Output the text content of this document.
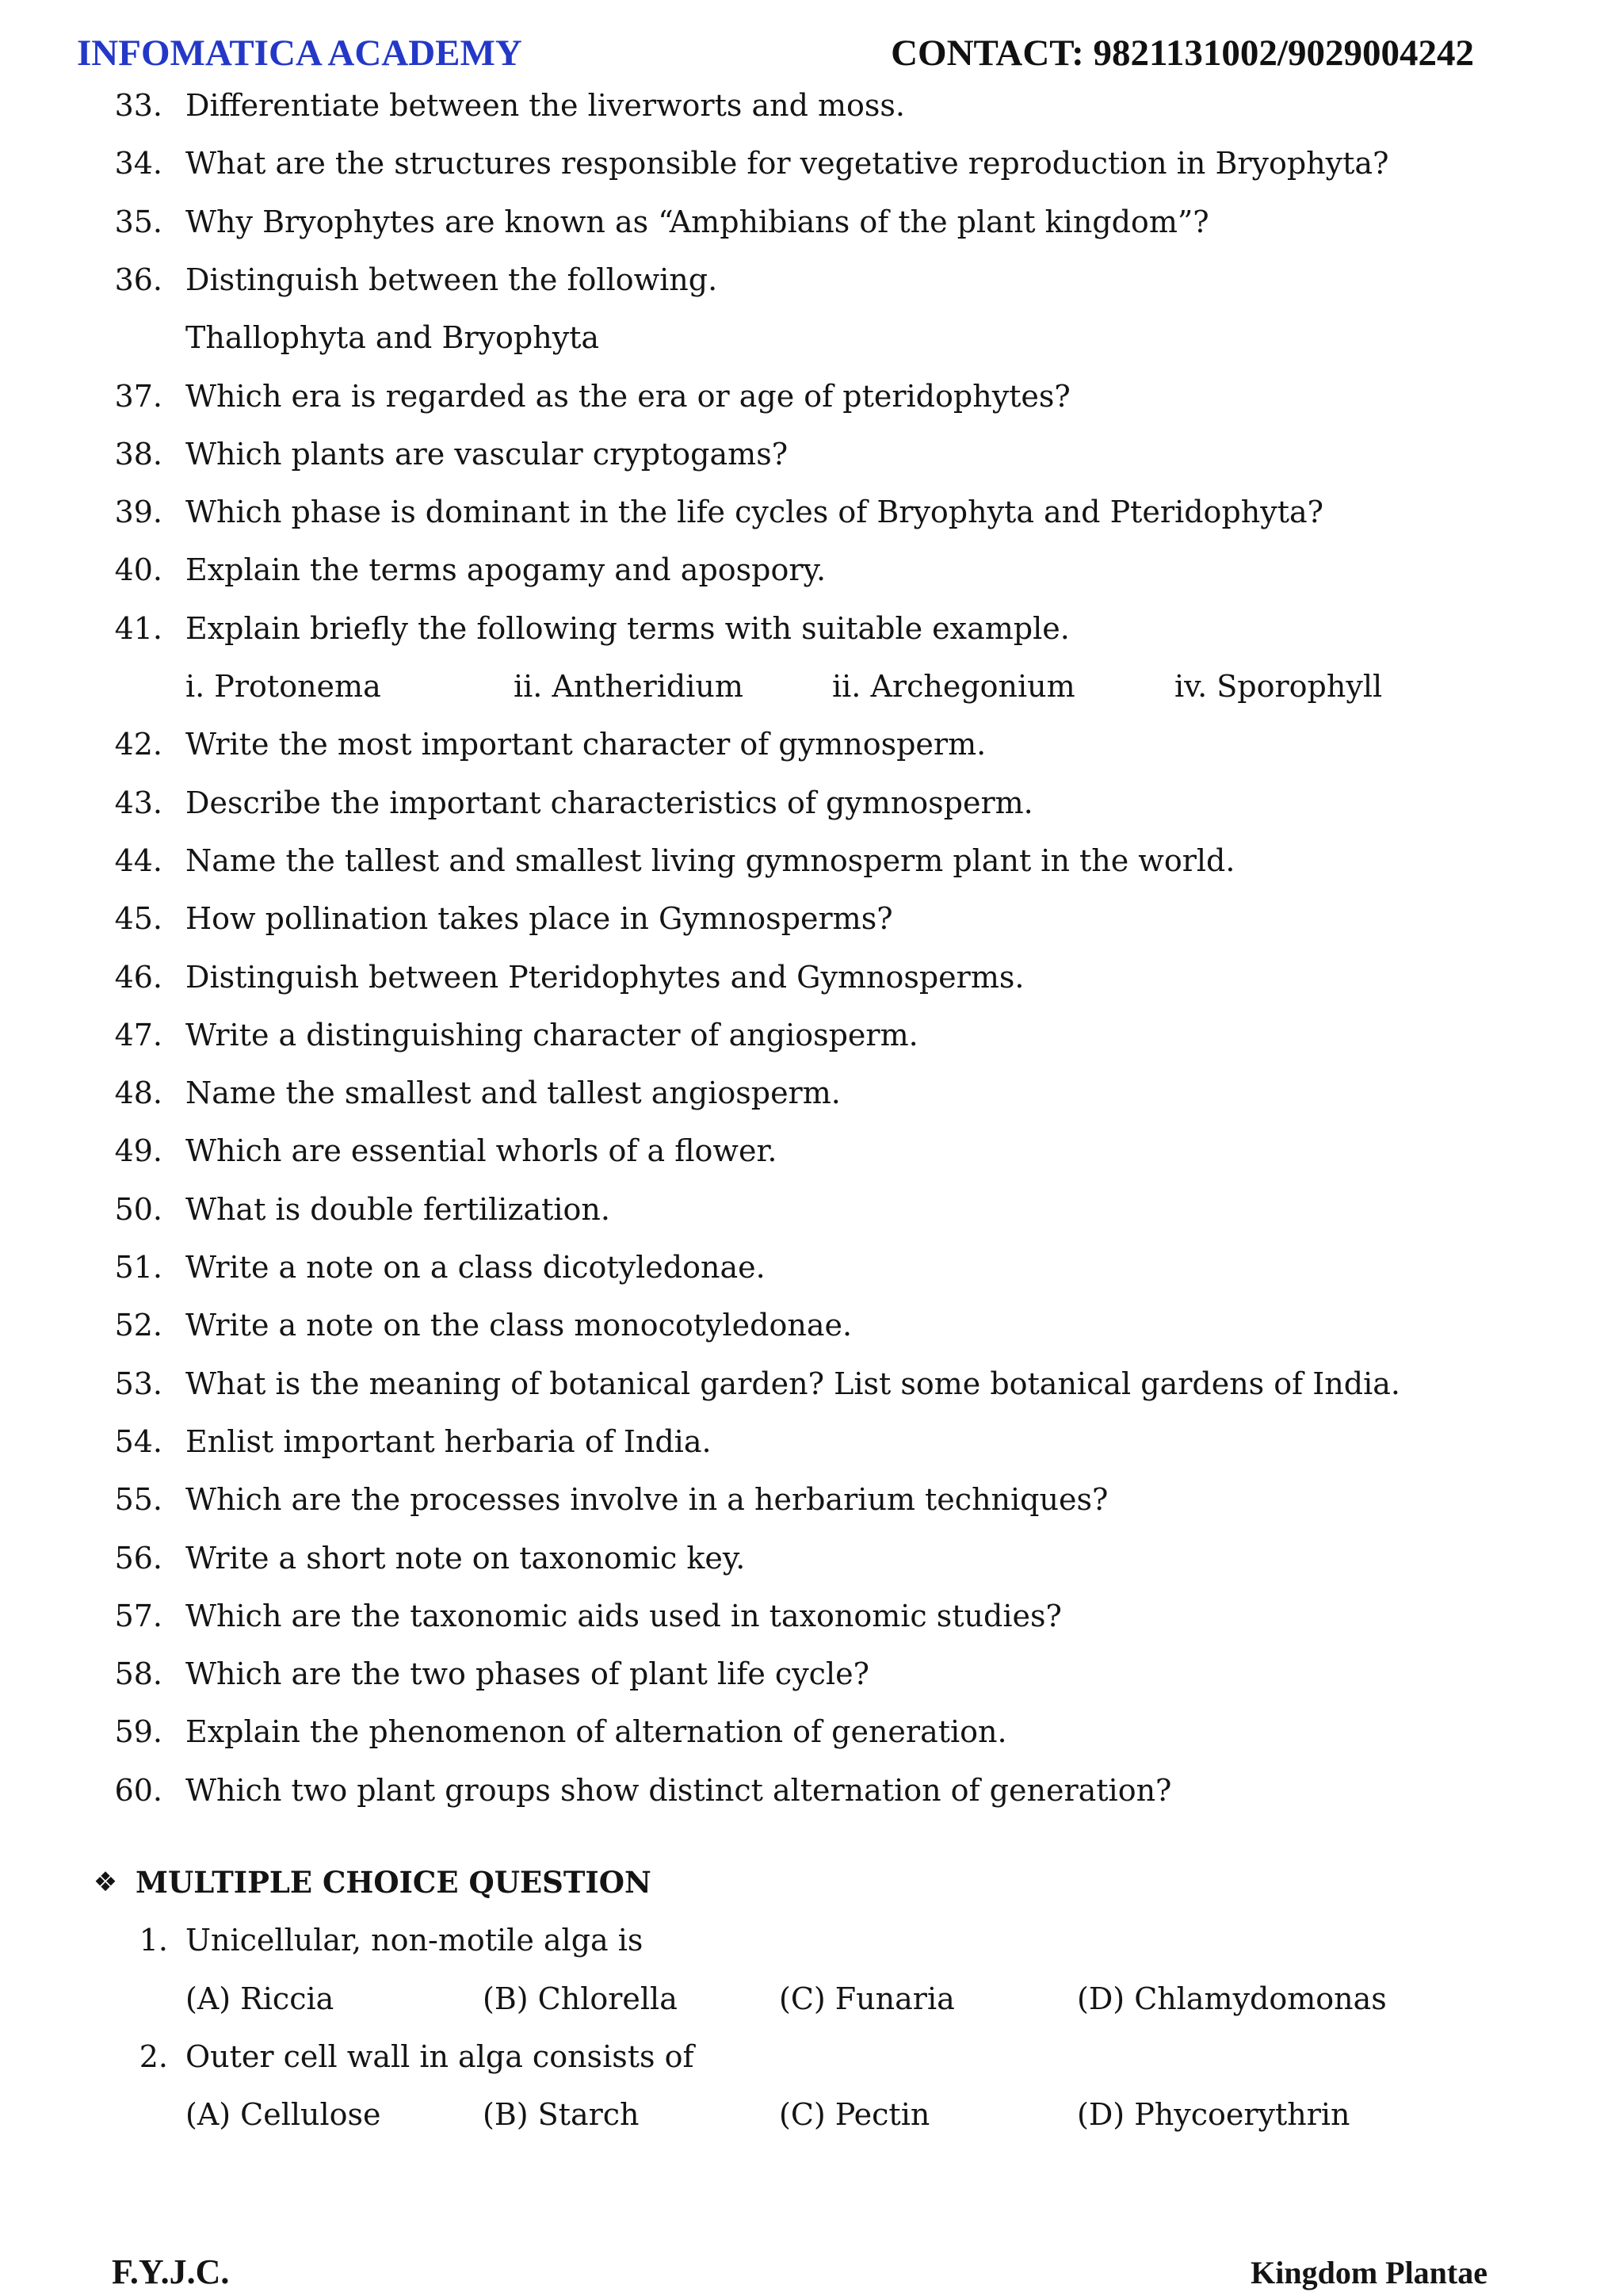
INFOMATICA ACADEMY	CONTACT: 9821131002/9029004242
33. Differentiate between the liverworts and moss.
34. What are the structures responsible for vegetative reproduction in Bryophyta?
35. Why Bryophytes are known as “Amphibians of the plant kingdom”?
36. Distinguish between the following.
Thallophyta and Bryophyta
37. Which era is regarded as the era or age of pteridophytes?
38. Which plants are vascular cryptogams?
39. Which phase is dominant in the life cycles of Bryophyta and Pteridophyta?
40. Explain the terms apogamy and apospory.
41. Explain briefly the following terms with suitable example.
i. Protonema	ii. Antheridium	ii. Archegonium	iv. Sporophyll
42. Write the most important character of gymnosperm.
43. Describe the important characteristics of gymnosperm.
44. Name the tallest and smallest living gymnosperm plant in the world.
45. How pollination takes place in Gymnosperms?
46. Distinguish between Pteridophytes and Gymnosperms.
47. Write a distinguishing character of angiosperm.
48. Name the smallest and tallest angiosperm.
49. Which are essential whorls of a flower.
50. What is double fertilization.
51. Write a note on a class dicotyledonae.
52. Write a note on the class monocotyledonae.
53. What is the meaning of botanical garden? List some botanical gardens of India.
54. Enlist important herbaria of India.
55. Which are the processes involve in a herbarium techniques?
56. Write a short note on taxonomic key.
57. Which are the taxonomic aids used in taxonomic studies?
58. Which are the two phases of plant life cycle?
59. Explain the phenomenon of alternation of generation.
60. Which two plant groups show distinct alternation of generation?
❖
MULTIPLE CHOICE QUESTION
1. Unicellular, non-motile alga is
(A) Riccia	(B) Chlorella	(C) Funaria	(D) Chlamydomonas
2. Outer cell wall in alga consists of
(A) Cellulose	(B) Starch	(C) Pectin	(D) Phycoerythrin
F.Y.J.C.	Kingdom Plantae
